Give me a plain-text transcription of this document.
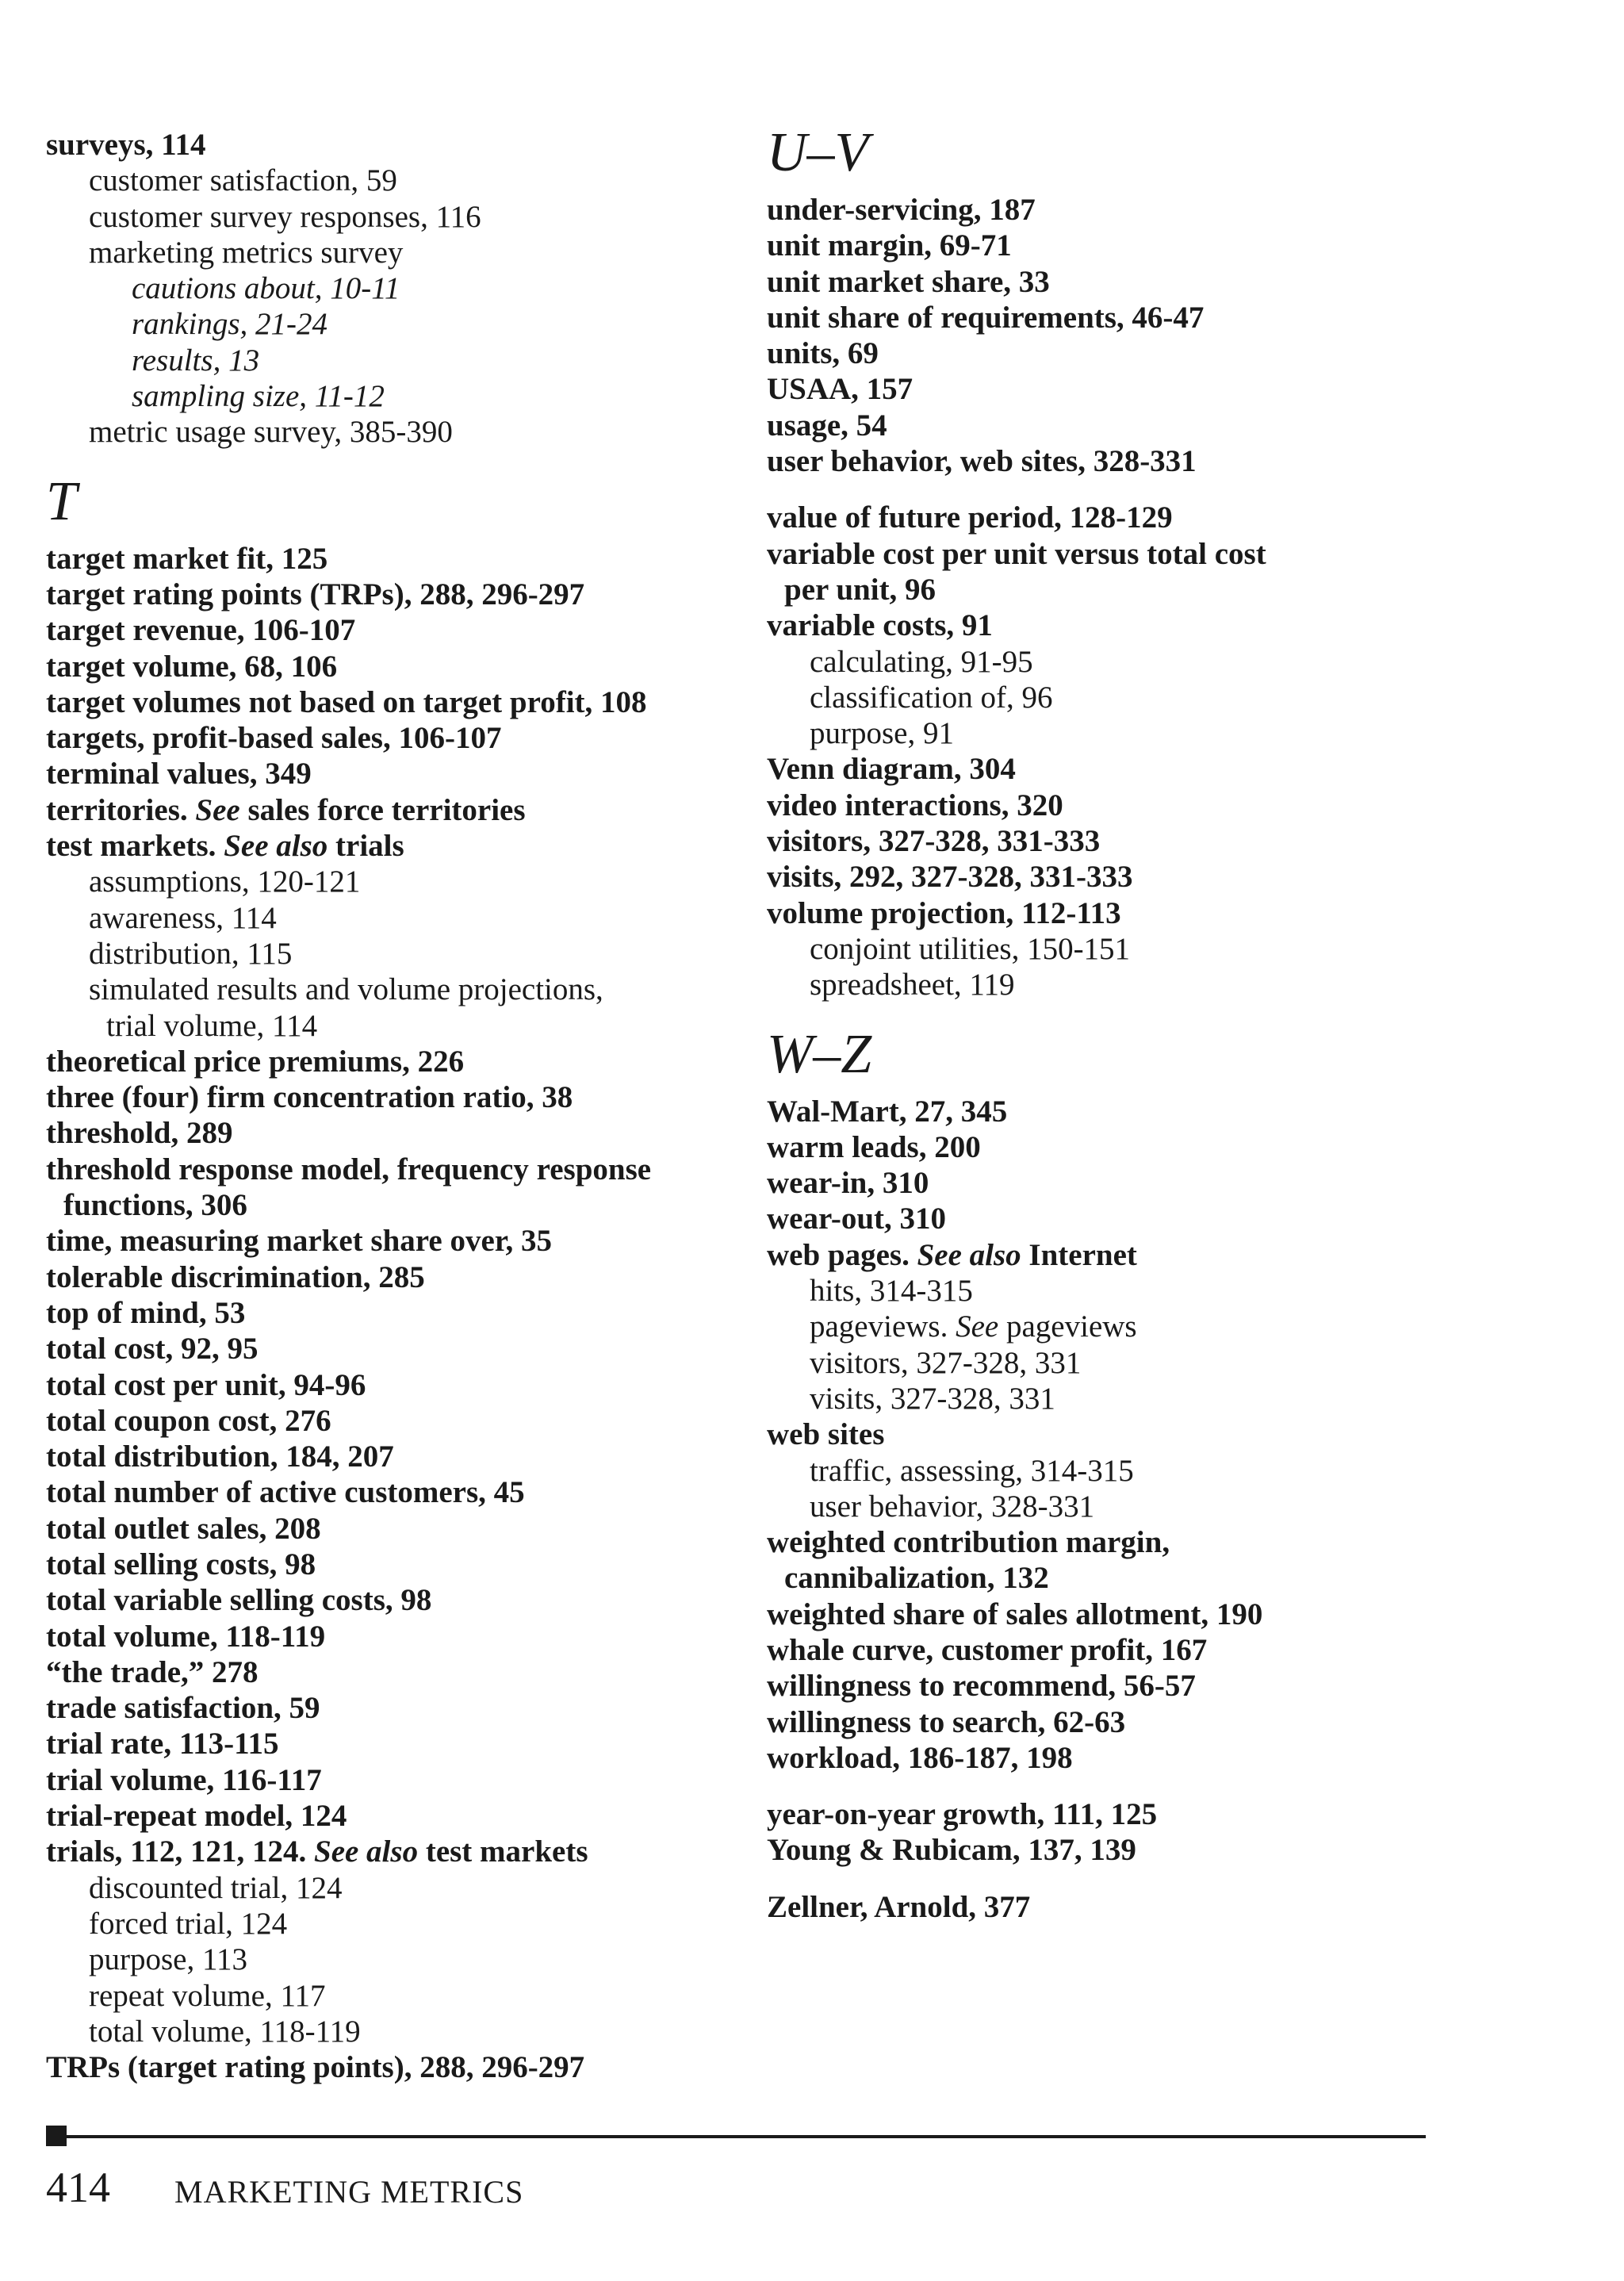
surveys, 114
customer satisfaction, 59
customer survey responses, 116
marketing metrics survey
cautions about, 10-11
rankings, 21-24
results, 13
sampling size, 11-12
metric usage survey, 385-390
T
target market fit, 125
target rating points (TRPs), 288, 296-297
target revenue, 106-107
target volume, 68, 106
target volumes not based on target profit, 108
targets, profit-based sales, 106-107
terminal values, 349
territories. See sales force territories
test markets. See also trials
assumptions, 120-121
awareness, 114
distribution, 115
simulated results and volume projections,
trial volume, 114
theoretical price premiums, 226
three (four) firm concentration ratio, 38
threshold, 289
threshold response model, frequency response
functions, 306
time, measuring market share over, 35
tolerable discrimination, 285
top of mind, 53
total cost, 92, 95
total cost per unit, 94-96
total coupon cost, 276
total distribution, 184, 207
total number of active customers, 45
total outlet sales, 208
total selling costs, 98
total variable selling costs, 98
total volume, 118-119
“the trade,” 278
trade satisfaction, 59
trial rate, 113-115
trial volume, 116-117
trial-repeat model, 124
trials, 112, 121, 124. See also test markets
discounted trial, 124
forced trial, 124
purpose, 113
repeat volume, 117
total volume, 118-119
TRPs (target rating points), 288, 296-297
U–V
under-servicing, 187
unit margin, 69-71
unit market share, 33
unit share of requirements, 46-47
units, 69
USAA, 157
usage, 54
user behavior, web sites, 328-331
value of future period, 128-129
variable cost per unit versus total cost
per unit, 96
variable costs, 91
calculating, 91-95
classification of, 96
purpose, 91
Venn diagram, 304
video interactions, 320
visitors, 327-328, 331-333
visits, 292, 327-328, 331-333
volume projection, 112-113
conjoint utilities, 150-151
spreadsheet, 119
W–Z
Wal-Mart, 27, 345
warm leads, 200
wear-in, 310
wear-out, 310
web pages. See also Internet
hits, 314-315
pageviews. See pageviews
visitors, 327-328, 331
visits, 327-328, 331
web sites
traffic, assessing, 314-315
user behavior, 328-331
weighted contribution margin,
cannibalization, 132
weighted share of sales allotment, 190
whale curve, customer profit, 167
willingness to recommend, 56-57
willingness to search, 62-63
workload, 186-187, 198
year-on-year growth, 111, 125
Young & Rubicam, 137, 139
Zellner, Arnold, 377
414 MARKETING METRICS
